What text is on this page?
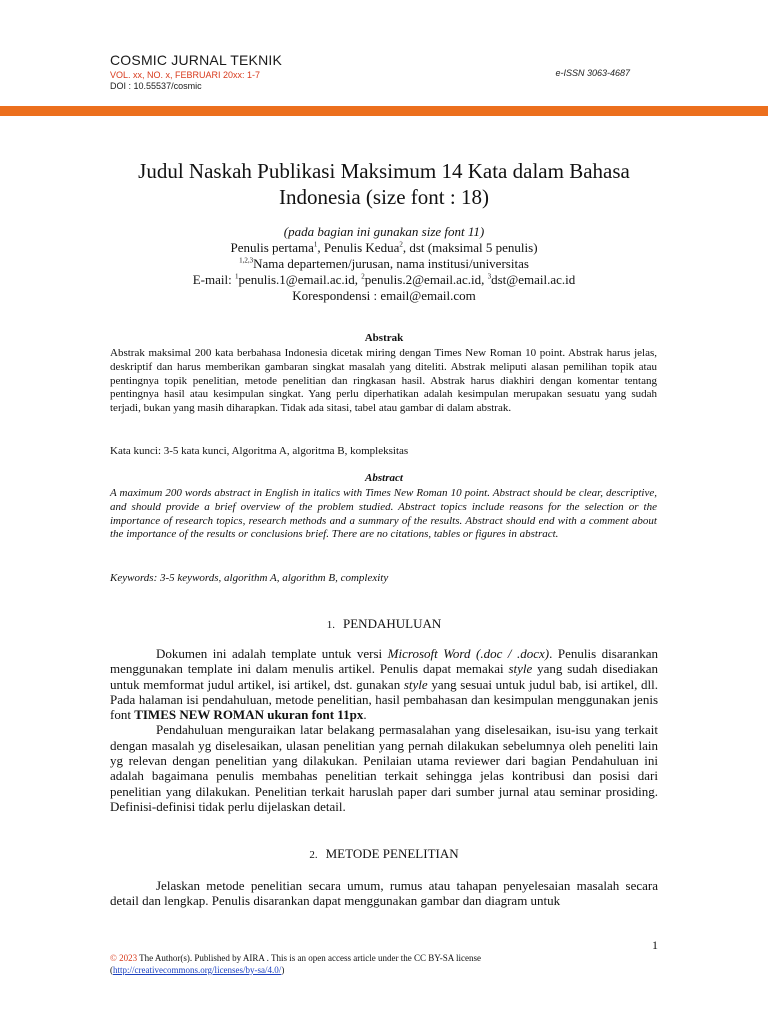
COSMIC JURNAL TEKNIK
VOL. xx, NO. x, FEBRUARI 20xx: 1-7
DOI : 10.55537/cosmic
e-ISSN 3063-4687
Judul Naskah Publikasi Maksimum 14 Kata dalam Bahasa Indonesia (size font : 18)
(pada bagian ini gunakan size font 11)
Penulis pertama$^1$, Penulis Kedua$^2$, dst (maksimal 5 penulis)
$^{1,2,3}$Nama departemen/jurusan, nama institusi/universitas
E-mail: $^1$penulis.1@email.ac.id, $^2$penulis.2@email.ac.id, $^3$dst@email.ac.id
Korespondensi : email@email.com
Abstrak
Abstrak maksimal 200 kata berbahasa Indonesia dicetak miring dengan Times New Roman 10 point. Abstrak harus jelas, deskriptif dan harus memberikan gambaran singkat masalah yang diteliti. Abstrak meliputi alasan pemilihan topik atau pentingnya topik penelitian, metode penelitian dan ringkasan hasil. Abstrak harus diakhiri dengan komentar tentang pentingnya hasil atau kesimpulan singkat. Yang perlu diperhatikan adalah kesimpulan merupakan sesuatu yang sudah terjadi, bukan yang masih diharapkan. Tidak ada sitasi, tabel atau gambar di dalam abstrak.
Kata kunci: 3-5 kata kunci, Algoritma A, algoritma B, kompleksitas
Abstract
A maximum 200 words abstract in English in italics with Times New Roman 10 point. Abstract should be clear, descriptive, and should provide a brief overview of the problem studied. Abstract topics include reasons for the selection or the importance of research topics, research methods and a summary of the results. Abstract should end with a comment about the importance of the results or conclusions brief. There are no citations, tables or figures in abstract.
Keywords: 3-5 keywords, algorithm A, algorithm B, complexity
1. PENDAHULUAN

Dokumen ini adalah template untuk versi Microsoft Word (.doc / .docx). Penulis disarankan menggunakan template ini dalam menulis artikel. Penulis dapat memakai style yang sudah disediakan untuk memformat judul artikel, isi artikel, dst. gunakan style yang sesuai untuk judul bab, isi artikel, dll. Pada halaman isi pendahuluan, metode penelitian, hasil pembahasan dan kesimpulan menggunakan jenis font TIMES NEW ROMAN ukuran font 11px.

Pendahuluan menguraikan latar belakang permasalahan yang diselesaikan, isu-isu yang terkait dengan masalah yg diselesaikan, ulasan penelitian yang pernah dilakukan sebelumnya oleh peneliti lain yg relevan dengan penelitian yang dilakukan. Penilaian utama reviewer dari bagian Pendahuluan ini adalah bagaimana penulis membahas penelitian terkait sehingga jelas kontribusi dan posisi dari penelitian yang dilakukan. Penelitian terkait haruslah paper dari sumber jurnal atau seminar prosiding. Definisi-definisi tidak perlu dijelaskan detail.

2. METODE PENELITIAN

Jelaskan metode penelitian secara umum, rumus atau tahapan penyelesaian masalah secara detail dan lengkap. Penulis disarankan dapat menggunakan gambar dan diagram untuk

1
© 2023 The Author(s). Published by AIRA . This is an open access article under the CC BY-SA license
(http://creativecommons.org/licenses/by-sa/4.0/)
